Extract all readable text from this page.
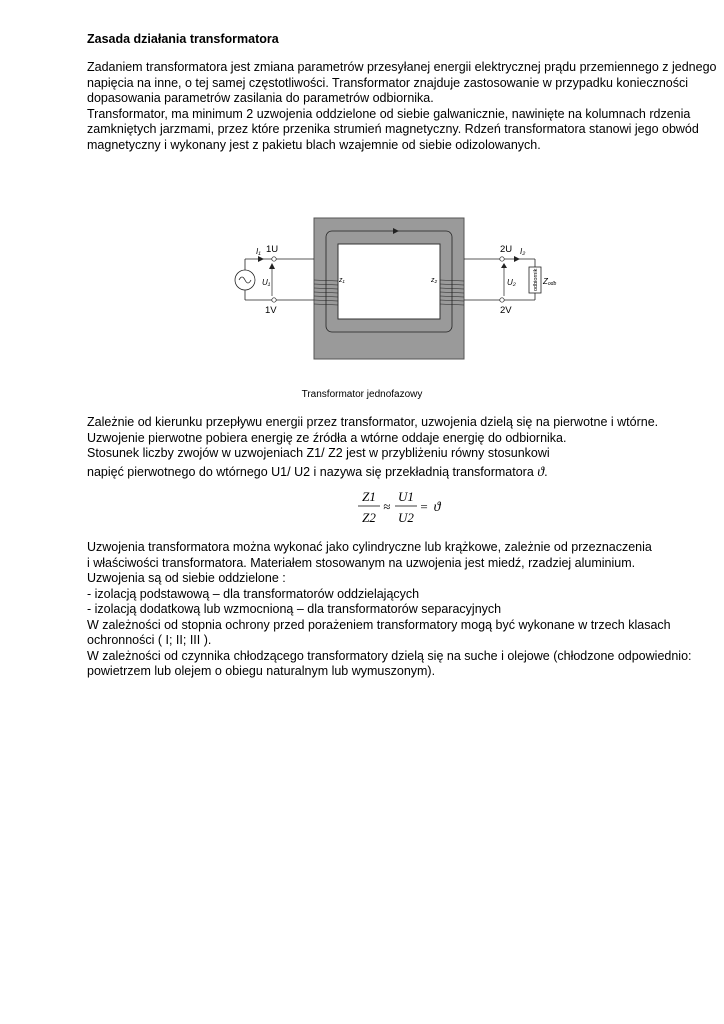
Zasada działania transformatora
Zadaniem transformatora jest zmiana parametrów przesyłanej energii elektrycznej prądu przemiennego z jednego
napięcia na inne, o tej samej częstotliwości. Transformator znajduje zastosowanie w przypadku konieczności
dopasowania parametrów zasilania do parametrów odbiornika.
Transformator, ma minimum 2 uzwojenia oddzielone od siebie galwanicznie, nawinięte na kolumnach rdzenia
zamkniętych jarzmami, przez które przenika strumień magnetyczny. Rdzeń transformatora stanowi jego obwód
magnetyczny i wykonany jest z pakietu blach wzajemnie od siebie odizolowanych.
1U
1V
2U
2V
I₁	I₂
U₁	U₂
z₁	z₂	odbiornik Zodb
Transformator jednofazowy
Zależnie od kierunku przepływu energii przez transformator, uzwojenia dzielą się na pierwotne i wtórne.
Uzwojenie pierwotne pobiera energię ze źródła a wtórne oddaje energię do odbiornika.
Stosunek liczby zwojów w uzwojeniach Z1/ Z2 jest w przybliżeniu równy stosunkowi
napięć pierwotnego do wtórnego U1/ U2 i nazywa się przekładnią transformatora ϑ.
Z1
Z2
≈
U1
U2
= ϑ
Uzwojenia transformatora można wykonać jako cylindryczne lub krążkowe, zależnie od przeznaczenia
i właściwości transformatora. Materiałem stosowanym na uzwojenia jest miedź, rzadziej aluminium.
Uzwojenia są od siebie oddzielone :
- izolacją podstawową – dla transformatorów oddzielających
- izolacją dodatkową lub wzmocnioną – dla transformatorów separacyjnych
W zależności od stopnia ochrony przed porażeniem transformatory mogą być wykonane w trzech klasach
ochronności ( I; II; III ).
W zależności od czynnika chłodzącego transformatory dzielą się na suche i olejowe (chłodzone odpowiednio:
powietrzem lub olejem o obiegu naturalnym lub wymuszonym).
